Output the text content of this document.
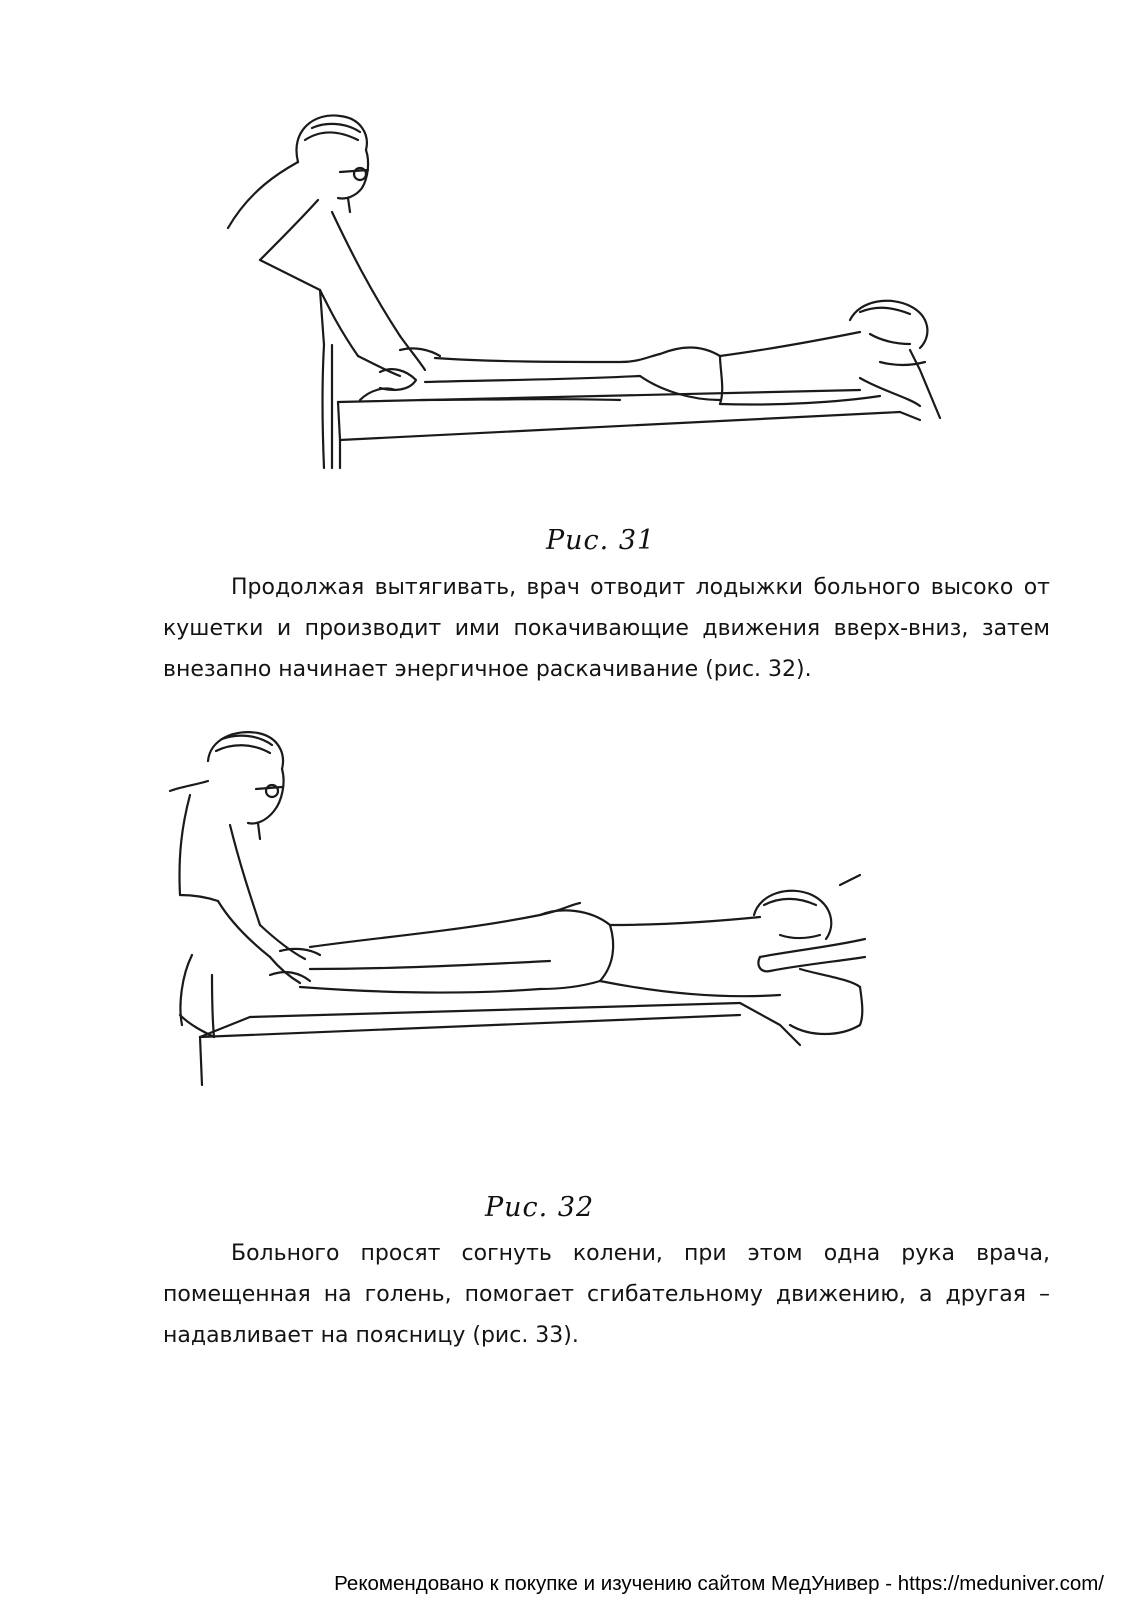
Рис. 31

Продолжая вытягивать, врач отводит лодыжки больного высоко от кушетки и производит ими покачивающие движения вверх-вниз, затем внезапно начинает энергичное раскачивание (рис. 32).

Рис. 32

Больного просят согнуть колени, при этом одна рука врача, помещенная на голень, помогает сгибательному движению, а другая – надавливает на поясницу (рис. 33).

Рекомендовано к покупке и изучению сайтом МедУнивер - https://meduniver.com/
